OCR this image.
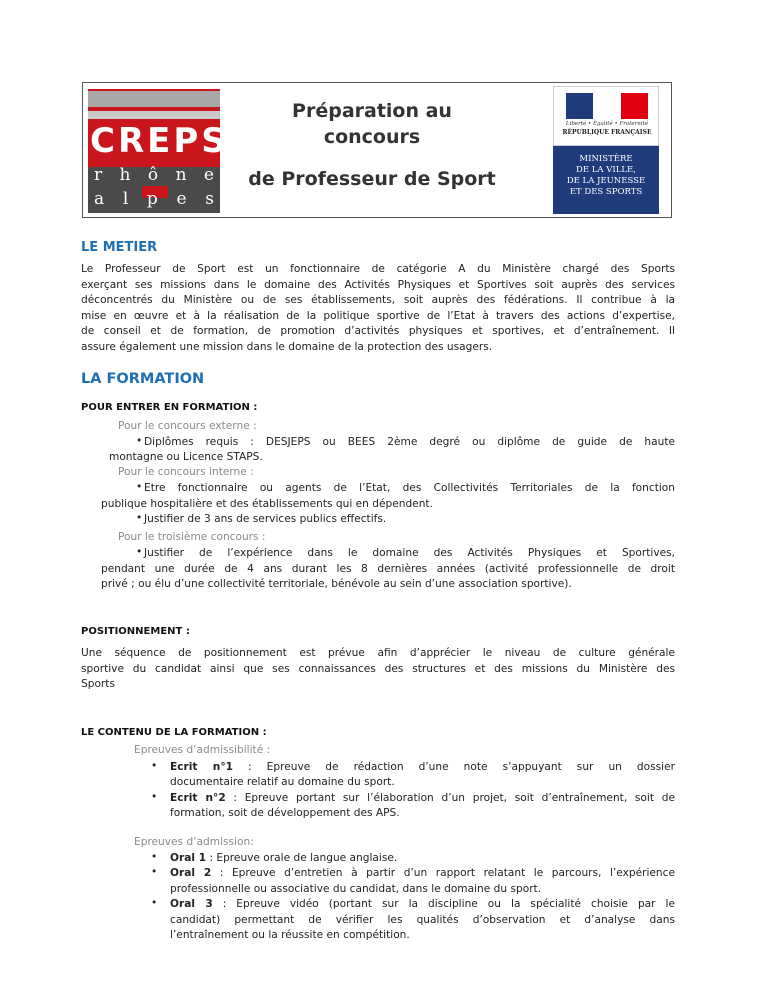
CREPS
r h ô n e
a l p e s
Préparation au
concours
de Professeur de Sport
Liberté • Égalité • Fraternité
RÉPUBLIQUE FRANÇAISE
MINISTÈRE
DE LA VILLE,
DE LA JEUNESSE
ET DES SPORTS
LE METIER
Le Professeur de Sport est un fonctionnaire de catégorie A du Ministère chargé des Sports
exerçant ses missions dans le domaine des Activités Physiques et Sportives soit auprès des services
déconcentrés du Ministère ou de ses établissements, soit auprès des fédérations. Il contribue à la
mise en œuvre et à la réalisation de la politique sportive de l’Etat à travers des actions d’expertise,
de conseil et de formation, de promotion d’activités physiques et sportives, et d’entraînement. Il
assure également une mission dans le domaine de la protection des usagers.
LA FORMATION
POUR ENTRER EN FORMATION :
Pour le concours externe :
• Diplômes requis : DESJEPS ou BEES 2ème degré ou diplôme de guide de haute
montagne ou Licence STAPS.
Pour le concours interne :
• Etre fonctionnaire ou agents de l’Etat, des Collectivités Territoriales de la fonction
publique hospitalière et des établissements qui en dépendent.
• Justifier de 3 ans de services publics effectifs.
Pour le troisième concours :
• Justifier de l’expérience dans le domaine des Activités Physiques et Sportives,
pendant une durée de 4 ans durant les 8 dernières années (activité professionnelle de droit
privé ; ou élu d’une collectivité territoriale, bénévole au sein d’une association sportive).
POSITIONNEMENT :
Une séquence de positionnement est prévue afin d’apprécier le niveau de culture générale
sportive du candidat ainsi que ses connaissances des structures et des missions du Ministère des
Sports
LE CONTENU DE LA FORMATION :
Epreuves d’admissibilité :
• Ecrit n°1 : Epreuve de rédaction d’une note s’appuyant sur un dossier
documentaire relatif au domaine du sport.
• Ecrit n°2 : Epreuve portant sur l’élaboration d’un projet, soit d’entraînement, soit de
formation, soit de développement des APS.
Epreuves d’admission:
• Oral 1 : Epreuve orale de langue anglaise.
• Oral 2 : Epreuve d’entretien à partir d’un rapport relatant le parcours, l’expérience
professionnelle ou associative du candidat, dans le domaine du sport.
• Oral 3 : Epreuve vidéo (portant sur la discipline ou la spécialité choisie par le
candidat) permettant de vérifier les qualités d’observation et d’analyse dans
l’entraînement ou la réussite en compétition.
